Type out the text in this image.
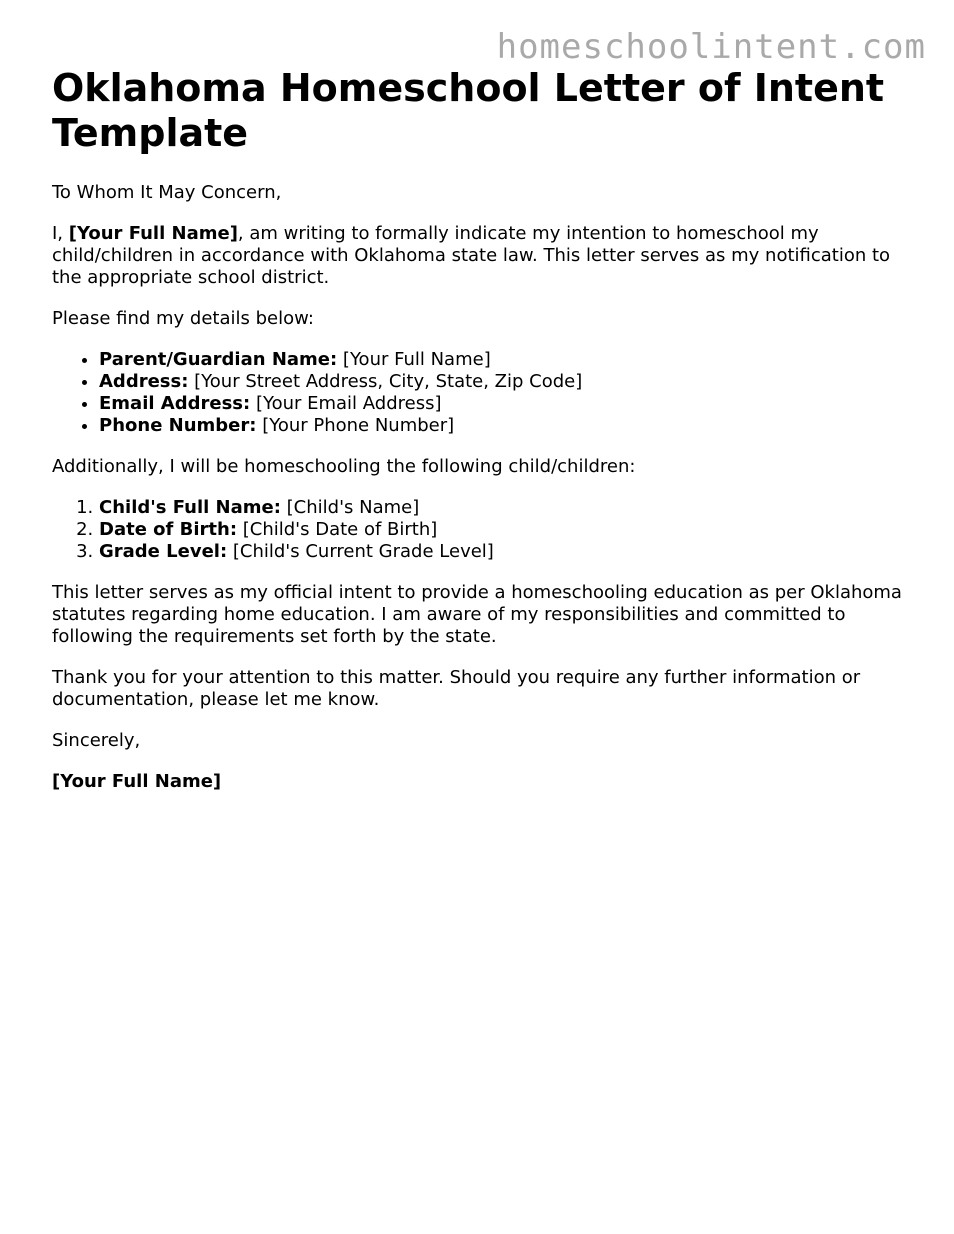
homeschoolintent.com
Oklahoma Homeschool Letter of Intent Template

To Whom It May Concern,

I, [Your Full Name], am writing to formally indicate my intention to homeschool my child/children in accordance with Oklahoma state law. This letter serves as my notification to the appropriate school district.

Please find my details below:

• Parent/Guardian Name: [Your Full Name]
• Address: [Your Street Address, City, State, Zip Code]
• Email Address: [Your Email Address]
• Phone Number: [Your Phone Number]

Additionally, I will be homeschooling the following child/children:

1. Child's Full Name: [Child's Name]
2. Date of Birth: [Child's Date of Birth]
3. Grade Level: [Child's Current Grade Level]

This letter serves as my official intent to provide a homeschooling education as per Oklahoma statutes regarding home education. I am aware of my responsibilities and committed to following the requirements set forth by the state.

Thank you for your attention to this matter. Should you require any further information or documentation, please let me know.

Sincerely,

[Your Full Name]
